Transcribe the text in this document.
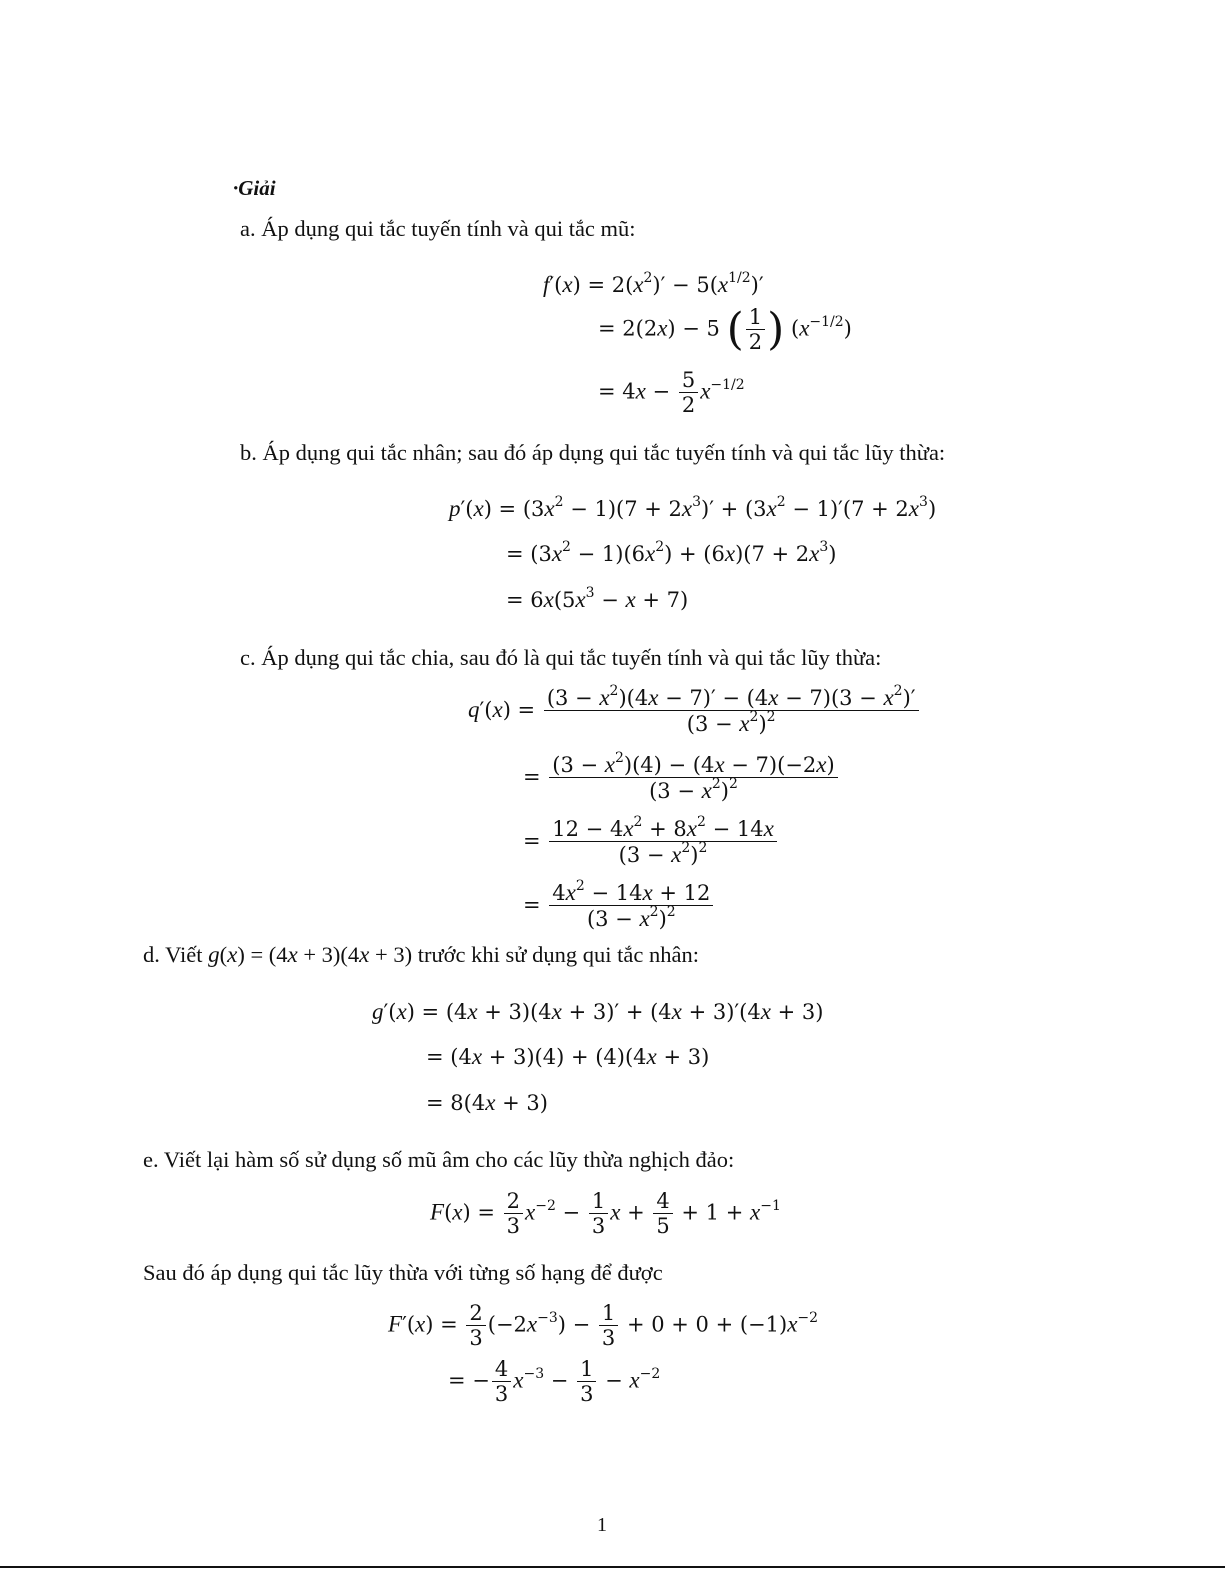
·Giải
a. Áp dụng qui tắc tuyến tính và qui tắc mũ:
$f'(x) = 2(x^2)' - 5(x^{1/2})'$
= 2(2x) − 5 ( $\frac{1}{2}$ ) $(x^{-1/2})$
= $4x - \frac{5}{2} x^{-1/2}$
b. Áp dụng qui tắc nhân; sau đó áp dụng qui tắc tuyến tính và qui tắc lũy thừa:
$p'(x) = (3x^2 - 1)(7 + 2x^3)' + (3x^2 - 1)'(7 + 2x^3)$
= $(3x^2 - 1)(6x^2) + (6x)(7 + 2x^3)$
= $6x(5x^3 - x + 7)$
c. Áp dụng qui tắc chia, sau đó là qui tắc tuyến tính và qui tắc lũy thừa:
$q'(x) = \frac{(3 - x^2)(4x - 7)' - (4x - 7)(3 - x^2)'}{(3 - x^2)^2}$
= $\frac{(3 - x^2)(4) - (4x - 7)(-2x)}{(3 - x^2)^2}$
= $\frac{12 - 4x^2 + 8x^2 - 14x}{(3 - x^2)^2}$
= $\frac{4x^2 - 14x + 12}{(3 - x^2)^2}$
d. Viết g(x) = (4x + 3)(4x + 3) trước khi sử dụng qui tắc nhân:
g′(x) = (4x + 3)(4x + 3)′ + (4x + 3)′(4x + 3)
= (4x + 3)(4) + (4)(4x + 3)
= 8(4x + 3)
e. Viết lại hàm số sử dụng số mũ âm cho các lũy thừa nghịch đảo:
$F(x) = \frac{2}{3} x^{-2} - \frac{1}{3}$ $x + \frac{4}{5} + 1 + x^{-1}$
Sau đó áp dụng qui tắc lũy thừa với từng số hạng để được
$F'(x) = \frac{2}{3} (-2x^{-3}) - \frac{1}{3} + 0 + 0 + (-1)x^{-2}$
= − $\frac{4}{3} x^{-3} - \frac{1}{3} - x^{-2}$
1
